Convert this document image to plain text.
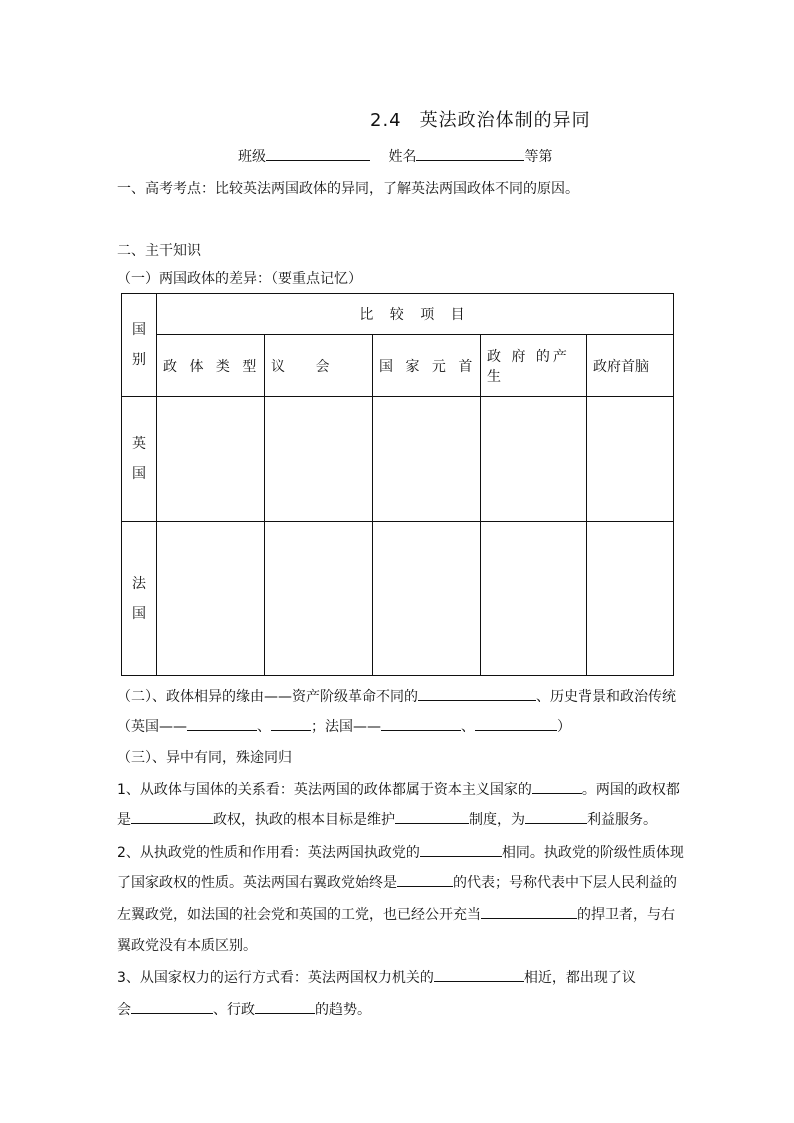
2.4 英法政治体制的异同
班级	姓名	等第
一、高考考点：比较英法两国政体的异同，了解英法两国政体不同的原因。
二、主干知识
（一）两国政体的差异：（要重点记忆）
国
别	比 较 项 目				
	政 体 类 型	议　 会	国 家 元 首	政 府 的产生	政府首脑

英
国					

法
国					

（二）、政体相异的缘由——资产阶级革命不同的	、历史背景和政治传统
（英国——	、	；法国——	、	）
（三）、异中有同，殊途同归
1、从政体与国体的关系看：英法两国的政体都属于资本主义国家的	。两国的政权都
是	政权，执政的根本目标是维护	制度，为	利益服务。
2、从执政党的性质和作用看：英法两国执政党的	相同。执政党的阶级性质体现
了国家政权的性质。英法两国右翼政党始终是	的代表；号称代表中下层人民利益的
左翼政党，如法国的社会党和英国的工党，也已经公开充当	的捍卫者，与右
翼政党没有本质区别。
3、从国家权力的运行方式看：英法两国权力机关的	相近，都出现了议
会	、行政	的趋势。
